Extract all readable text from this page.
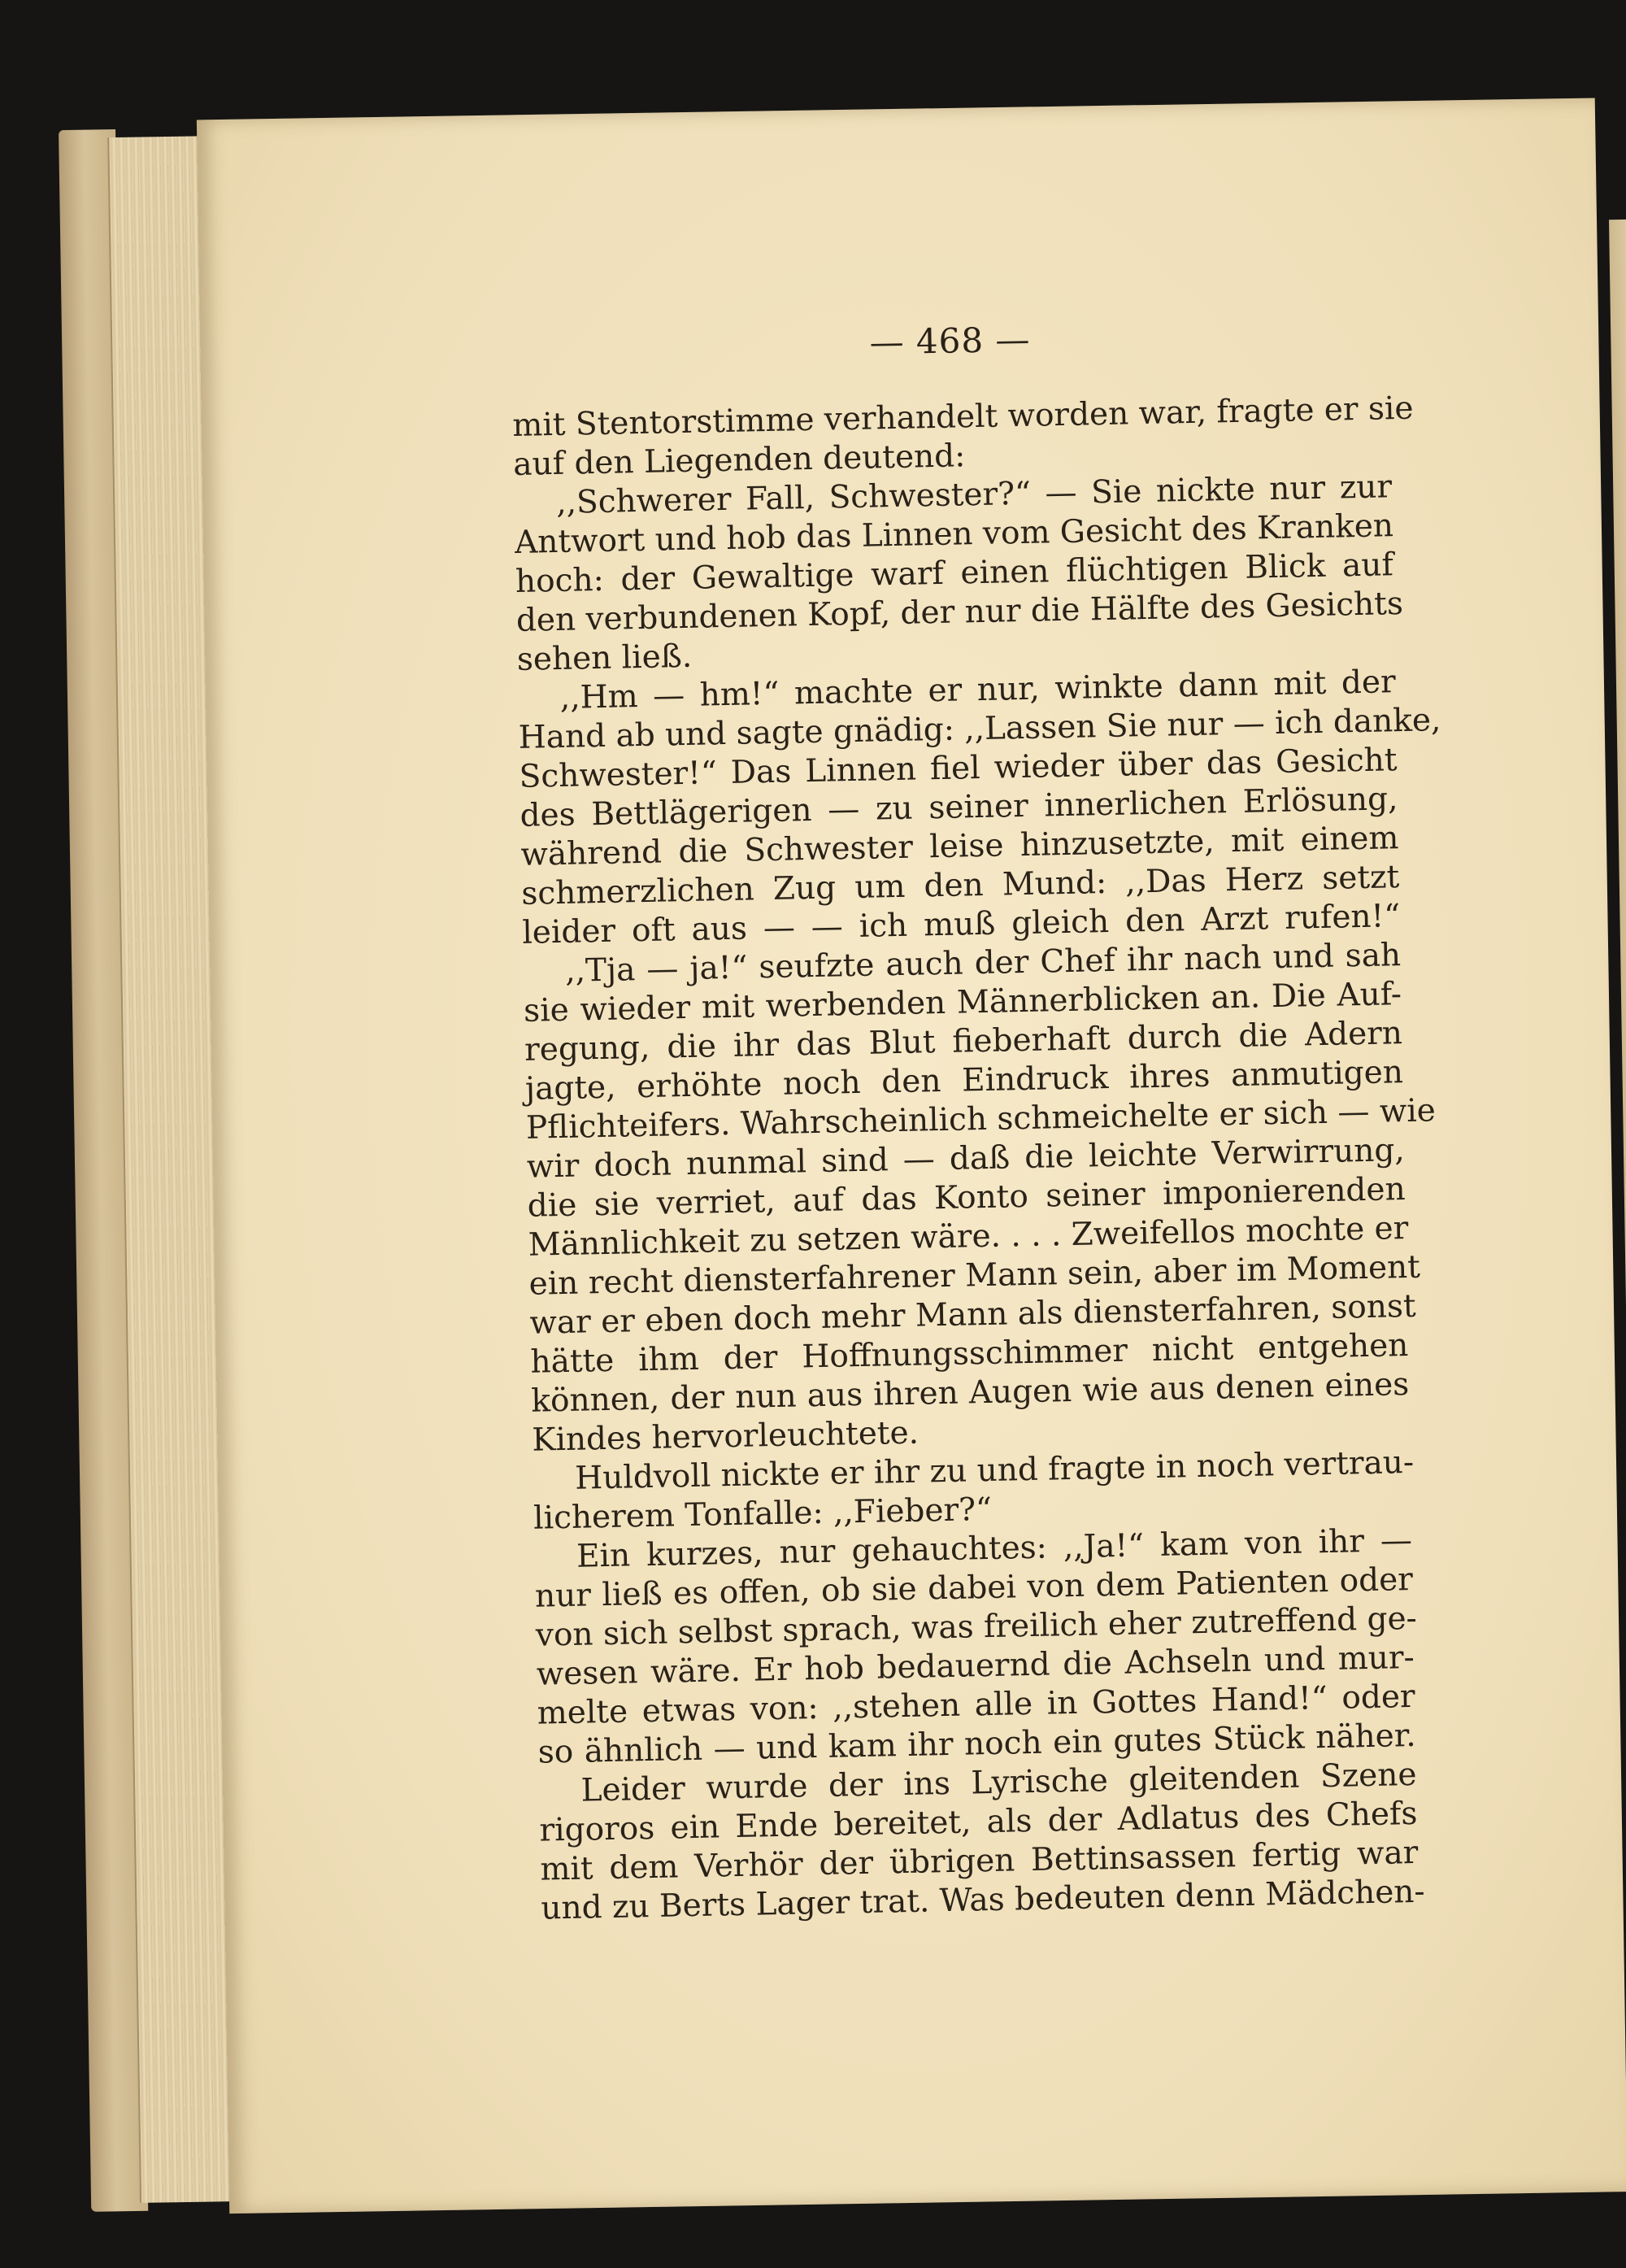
— 468 —
mit Stentorstimme verhandelt worden war, fragte er sie
auf den Liegenden deutend:
,,Schwerer Fall, Schwester?“ — Sie nickte nur zur
Antwort und hob das Linnen vom Gesicht des Kranken
hoch: der Gewaltige warf einen flüchtigen Blick auf
den verbundenen Kopf, der nur die Hälfte des Gesichts
sehen ließ.
,,Hm — hm!“ machte er nur, winkte dann mit der
Hand ab und sagte gnädig: ,,Lassen Sie nur — ich danke,
Schwester!“ Das Linnen fiel wieder über das Gesicht
des Bettlägerigen — zu seiner innerlichen Erlösung,
während die Schwester leise hinzusetzte, mit einem
schmerzlichen Zug um den Mund: ,,Das Herz setzt
leider oft aus — — ich muß gleich den Arzt rufen!“
,,Tja — ja!“ seufzte auch der Chef ihr nach und sah
sie wieder mit werbenden Männerblicken an. Die Auf-
regung, die ihr das Blut fieberhaft durch die Adern
jagte, erhöhte noch den Eindruck ihres anmutigen
Pflichteifers. Wahrscheinlich schmeichelte er sich — wie
wir doch nunmal sind — daß die leichte Verwirrung,
die sie verriet, auf das Konto seiner imponierenden
Männlichkeit zu setzen wäre. . . . Zweifellos mochte er
ein recht diensterfahrener Mann sein, aber im Moment
war er eben doch mehr Mann als diensterfahren, sonst
hätte ihm der Hoffnungsschimmer nicht entgehen
können, der nun aus ihren Augen wie aus denen eines
Kindes hervorleuchtete.
Huldvoll nickte er ihr zu und fragte in noch vertrau-
licherem Tonfalle: ,,Fieber?“
Ein kurzes, nur gehauchtes: ,,Ja!“ kam von ihr —
nur ließ es offen, ob sie dabei von dem Patienten oder
von sich selbst sprach, was freilich eher zutreffend ge-
wesen wäre. Er hob bedauernd die Achseln und mur-
melte etwas von: ,,stehen alle in Gottes Hand!“ oder
so ähnlich — und kam ihr noch ein gutes Stück näher.
Leider wurde der ins Lyrische gleitenden Szene
rigoros ein Ende bereitet, als der Adlatus des Chefs
mit dem Verhör der übrigen Bettinsassen fertig war
und zu Berts Lager trat. Was bedeuten denn Mädchen-
